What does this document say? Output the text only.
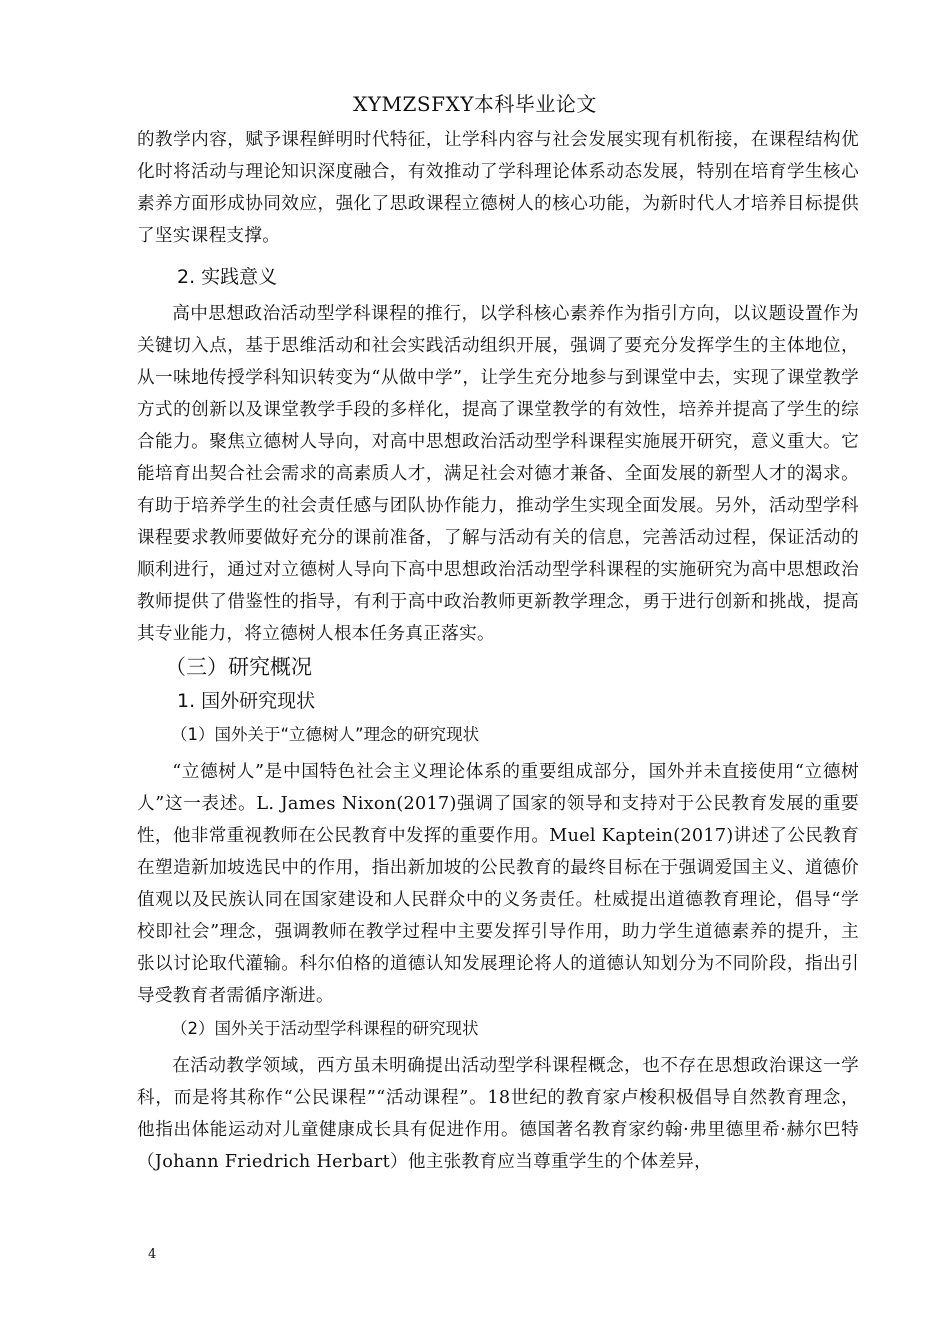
XYMZSFXY本科毕业论文

的教学内容，赋予课程鲜明时代特征，让学科内容与社会发展实现有机衔接，在课程结构优化时将活动与理论知识深度融合，有效推动了学科理论体系动态发展，特别在培育学生核心素养方面形成协同效应，强化了思政课程立德树人的核心功能，为新时代人才培养目标提供了坚实课程支撑。

2. 实践意义

高中思想政治活动型学科课程的推行，以学科核心素养作为指引方向，以议题设置作为关键切入点，基于思维活动和社会实践活动组织开展，强调了要充分发挥学生的主体地位，从一味地传授学科知识转变为“从做中学”，让学生充分地参与到课堂中去，实现了课堂教学方式的创新以及课堂教学手段的多样化，提高了课堂教学的有效性，培养并提高了学生的综合能力。聚焦立德树人导向，对高中思想政治活动型学科课程实施展开研究，意义重大。它能培育出契合社会需求的高素质人才，满足社会对德才兼备、全面发展的新型人才的渴求。有助于培养学生的社会责任感与团队协作能力，推动学生实现全面发展。另外，活动型学科课程要求教师要做好充分的课前准备，了解与活动有关的信息，完善活动过程，保证活动的顺利进行，通过对立德树人导向下高中思想政治活动型学科课程的实施研究为高中思想政治教师提供了借鉴性的指导，有利于高中政治教师更新教学理念，勇于进行创新和挑战，提高其专业能力，将立德树人根本任务真正落实。

（三）研究概况
1. 国外研究现状
（1）国外关于“立德树人”理念的研究现状

“立德树人”是中国特色社会主义理论体系的重要组成部分，国外并未直接使用“立德树人”这一表述。L. James Nixon(2017)强调了国家的领导和支持对于公民教育发展的重要性，他非常重视教师在公民教育中发挥的重要作用。Muel Kaptein(2017)讲述了公民教育在塑造新加坡选民中的作用，指出新加坡的公民教育的最终目标在于强调爱国主义、道德价值观以及民族认同在国家建设和人民群众中的义务责任。杜威提出道德教育理论，倡导“学校即社会”理念，强调教师在教学过程中主要发挥引导作用，助力学生道德素养的提升，主张以讨论取代灌输。科尔伯格的道德认知发展理论将人的道德认知划分为不同阶段，指出引导受教育者需循序渐进。

（2）国外关于活动型学科课程的研究现状

在活动教学领域，西方虽未明确提出活动型学科课程概念，也不存在思想政治课这一学科，而是将其称作“公民课程”“活动课程”。18世纪的教育家卢梭积极倡导自然教育理念，他指出体能运动对儿童健康成长具有促进作用。德国著名教育家约翰·弗里德里希·赫尔巴特（Johann Friedrich Herbart）他主张教育应当尊重学生的个体差异，

4
